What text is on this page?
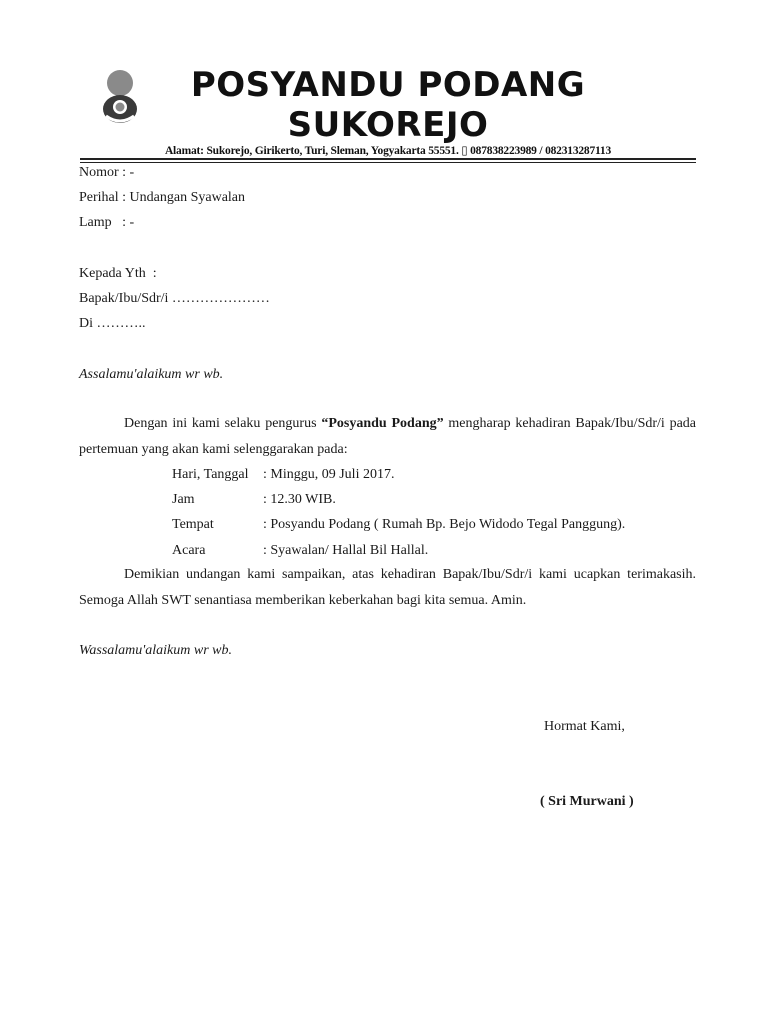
POSYANDU PODANG
SUKOREJO
Alamat: Sukorejo, Girikerto, Turi, Sleman, Yogyakarta 55551. ▯ 087838223989 / 082313287113
Nomor : -
Perihal : Undangan Syawalan
Lamp   : -
Kepada Yth  :
Bapak/Ibu/Sdr/i …………………
Di ………..
Assalamu'alaikum wr wb.
Dengan ini kami selaku pengurus “Posyandu Podang” mengharap kehadiran Bapak/Ibu/Sdr/i pada pertemuan yang akan kami selenggarakan pada:
Hari, Tanggal : Minggu, 09 Juli 2017.
Jam	: 12.30 WIB.
Tempat	: Posyandu Podang ( Rumah Bp. Bejo Widodo Tegal Panggung).
Acara	: Syawalan/ Hallal Bil Hallal.
Demikian undangan kami sampaikan, atas kehadiran Bapak/Ibu/Sdr/i kami ucapkan terimakasih. Semoga Allah SWT senantiasa memberikan keberkahan bagi kita semua. Amin.
Wassalamu'alaikum wr wb.
Hormat Kami,
( Sri Murwani )
